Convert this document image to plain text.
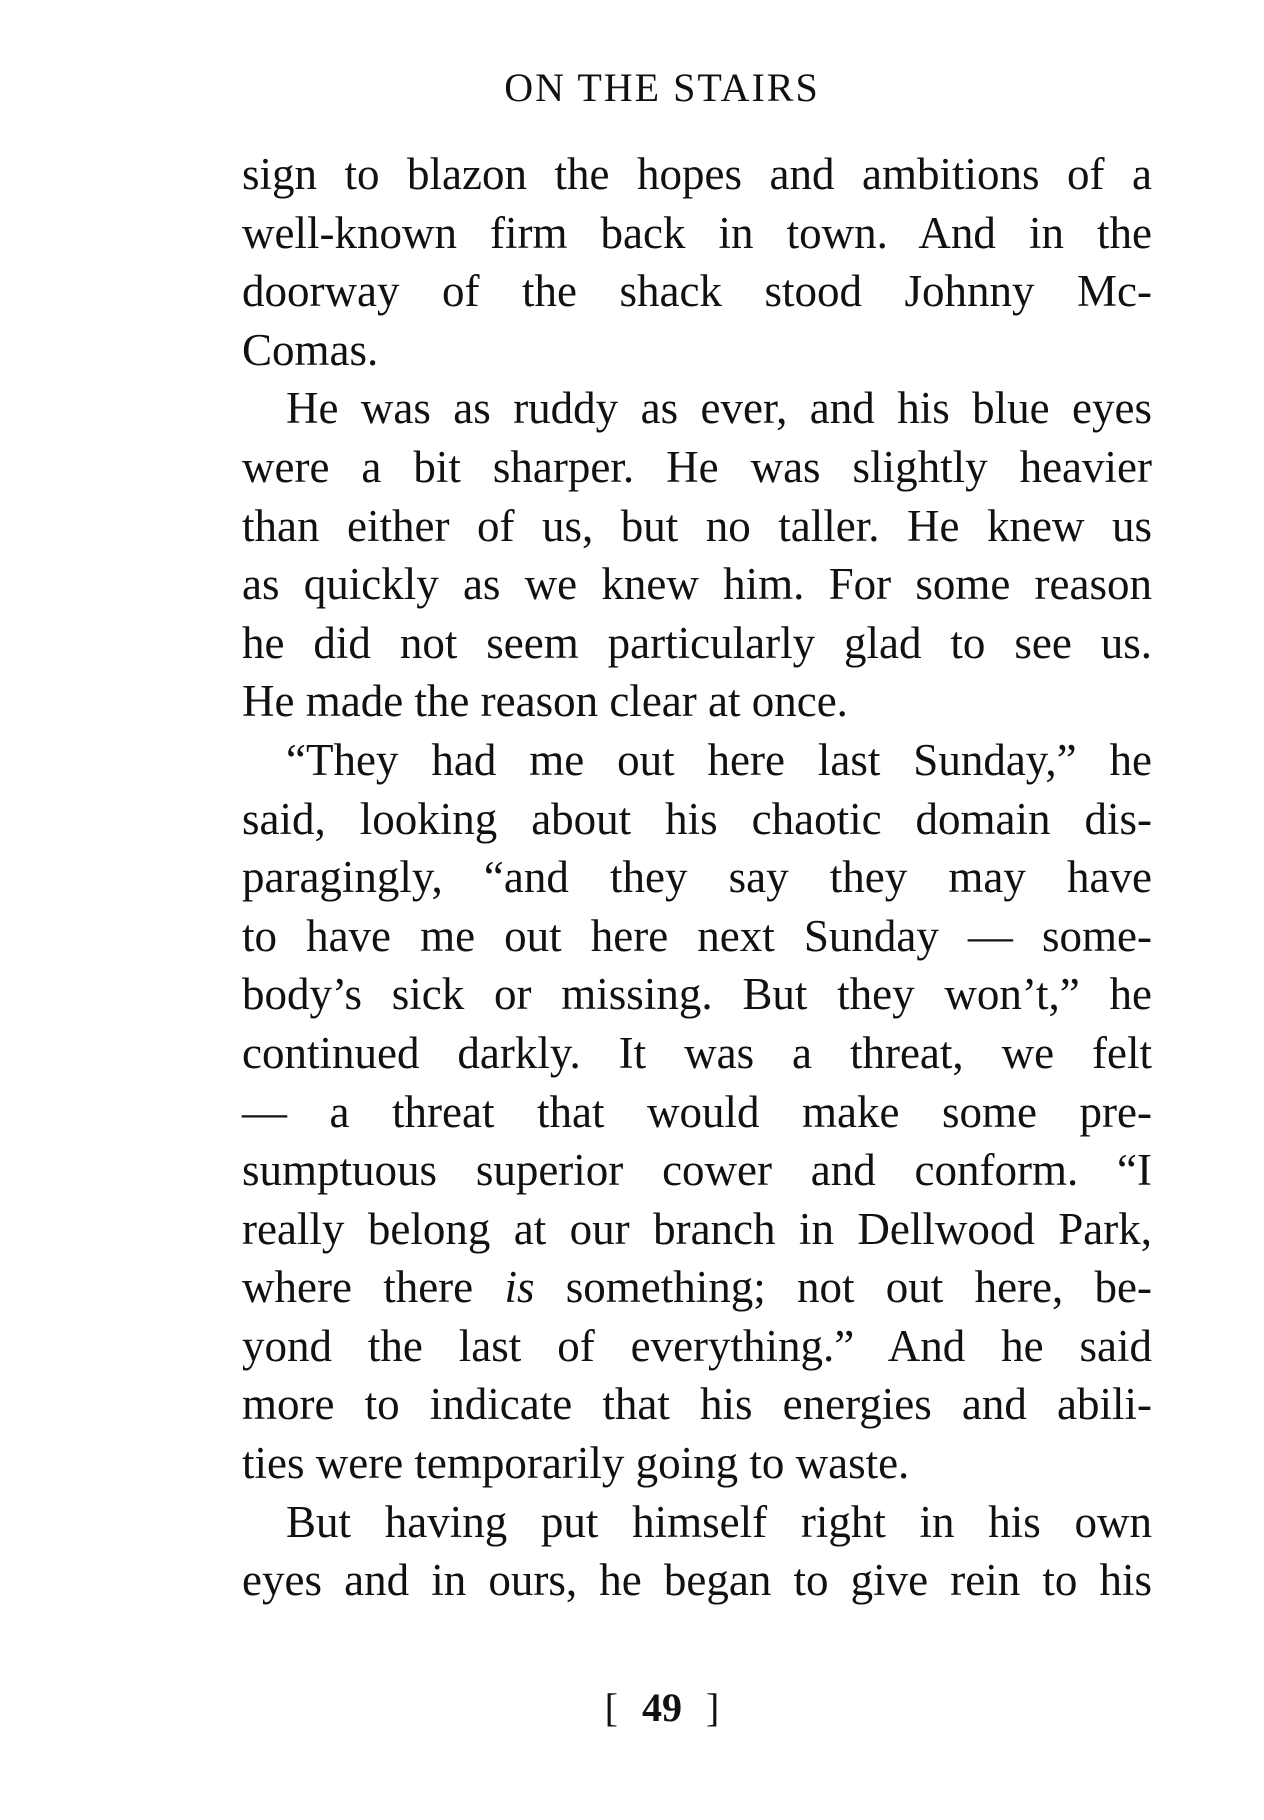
ON THE STAIRS
sign to blazon the hopes and ambitions of a
well-known firm back in town. And in the
doorway of the shack stood Johnny Mc-
Comas.
He was as ruddy as ever, and his blue eyes
were a bit sharper. He was slightly heavier
than either of us, but no taller. He knew us
as quickly as we knew him. For some reason
he did not seem particularly glad to see us.
He made the reason clear at once.
“They had me out here last Sunday,” he
said, looking about his chaotic domain dis-
paragingly, “and they say they may have
to have me out here next Sunday — some-
body’s sick or missing. But they won’t,” he
continued darkly. It was a threat, we felt
— a threat that would make some pre-
sumptuous superior cower and conform. “I
really belong at our branch in Dellwood Park,
where there is something; not out here, be-
yond the last of everything.” And he said
more to indicate that his energies and abili-
ties were temporarily going to waste.
But having put himself right in his own
eyes and in ours, he began to give rein to his
[ 49 ]
